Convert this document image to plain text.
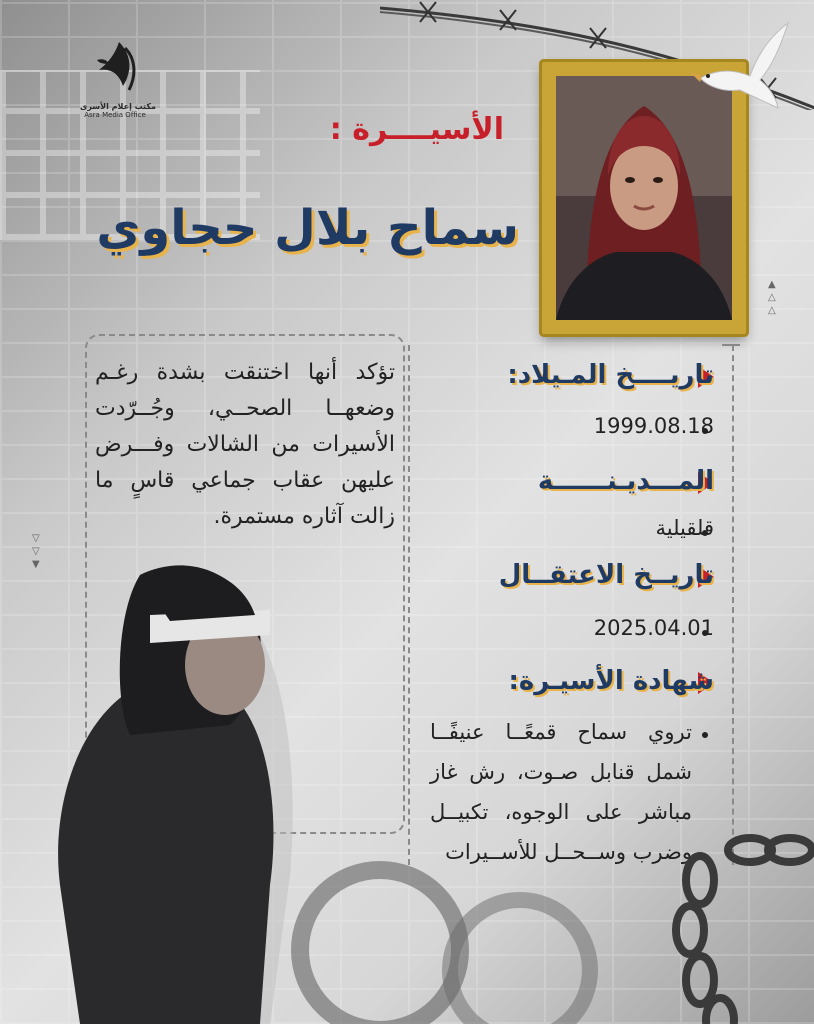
مكتب إعلام الأسرى
Asra Media Office	الأسيــــرة :
سماح بلال حجاوي
▲
△
△
▽
▽
▼
تؤكد أنها اختنقت بشدة رغـم وضعهــا الصحــي، وجُــرّدت الأسيرات من الشالات وفـــرض عليهن عقاب جماعي قاسٍ ما زالت آثاره مستمرة.
تاريــــخ المـيلاد:
1999.08.18
المـــديـنــــــة
قلقيلية
تاريــخ الاعتقــال
2025.04.01
شهادة الأسيـرة:
تروي سماح قمعًــا عنيفًــا شمل قنابل صـوت، رش غاز مباشر على الوجوه، تكبيــل وضرب وســحــل للأســيرات
